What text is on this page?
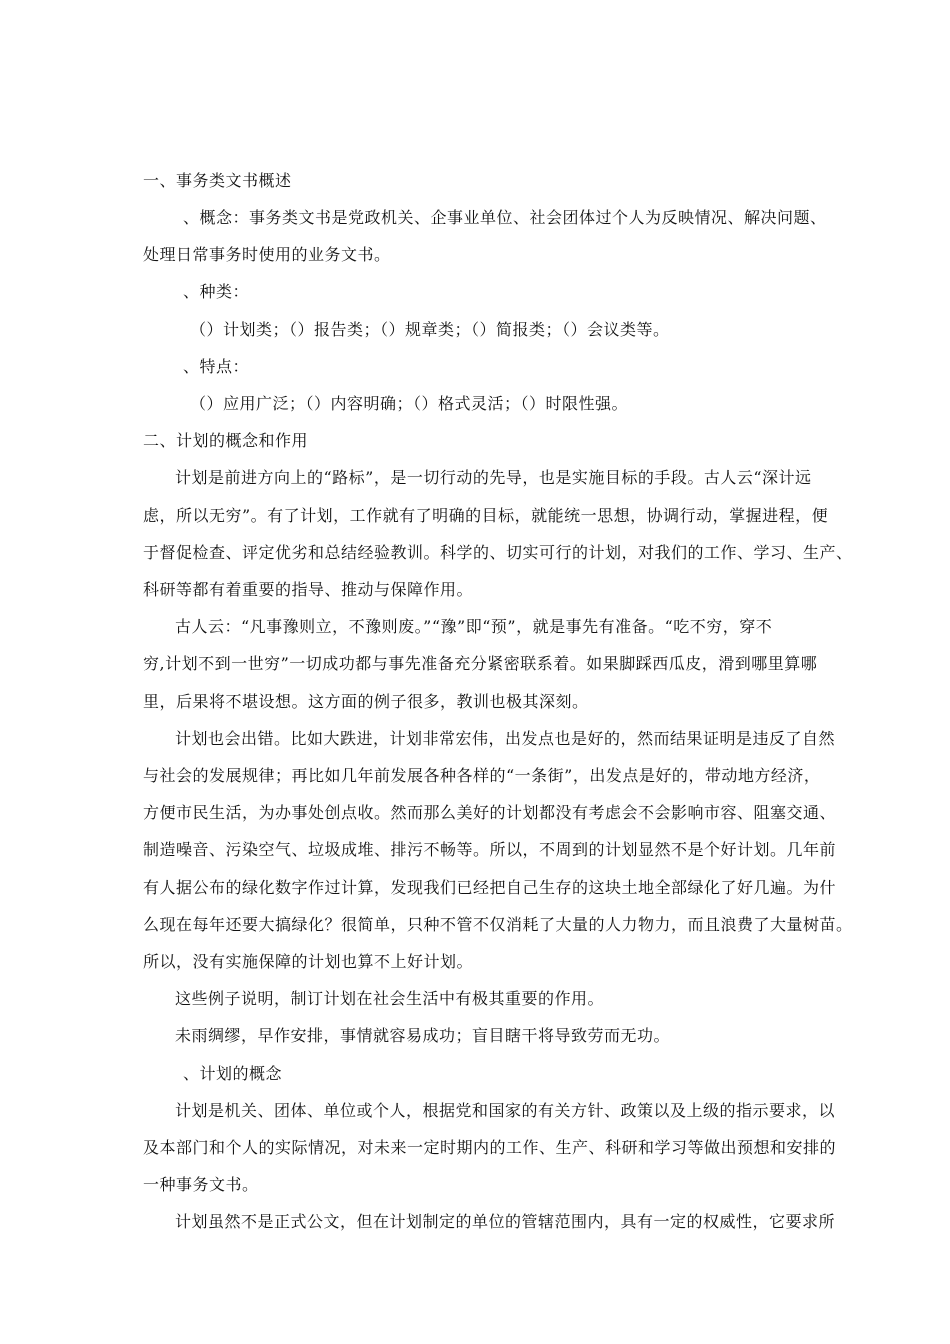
一、事务类文书概述
、概念：事务类文书是党政机关、企事业单位、社会团体过个人为反映情况、解决问题、
处理日常事务时使用的业务文书。
、种类：
（）计划类；（）报告类；（）规章类；（）简报类；（）会议类等。
、特点：
（）应用广泛；（）内容明确；（）格式灵活；（）时限性强。
二、计划的概念和作用
计划是前进方向上的“路标”，是一切行动的先导，也是实施目标的手段。古人云“深计远
虑，所以无穷”。有了计划，工作就有了明确的目标，就能统一思想，协调行动，掌握进程，便
于督促检查、评定优劣和总结经验教训。科学的、切实可行的计划，对我们的工作、学习、生产、
科研等都有着重要的指导、推动与保障作用。
古人云：“凡事豫则立，不豫则废。”“豫”即“预”，就是事先有准备。“吃不穷，穿不
穷,计划不到一世穷”一切成功都与事先准备充分紧密联系着。如果脚踩西瓜皮，滑到哪里算哪
里，后果将不堪设想。这方面的例子很多，教训也极其深刻。
计划也会出错。比如大跌进，计划非常宏伟，出发点也是好的，然而结果证明是违反了自然
与社会的发展规律；再比如几年前发展各种各样的“一条街”，出发点是好的，带动地方经济，
方便市民生活，为办事处创点收。然而那么美好的计划都没有考虑会不会影响市容、阻塞交通、
制造噪音、污染空气、垃圾成堆、排污不畅等。所以，不周到的计划显然不是个好计划。几年前
有人据公布的绿化数字作过计算，发现我们已经把自己生存的这块土地全部绿化了好几遍。为什
么现在每年还要大搞绿化？很简单，只种不管不仅消耗了大量的人力物力，而且浪费了大量树苗。
所以，没有实施保障的计划也算不上好计划。
这些例子说明，制订计划在社会生活中有极其重要的作用。
未雨绸缪，早作安排，事情就容易成功；盲目瞎干将导致劳而无功。
、计划的概念
计划是机关、团体、单位或个人，根据党和国家的有关方针、政策以及上级的指示要求，以
及本部门和个人的实际情况，对未来一定时期内的工作、生产、科研和学习等做出预想和安排的
一种事务文书。
计划虽然不是正式公文，但在计划制定的单位的管辖范围内，具有一定的权威性，它要求所
